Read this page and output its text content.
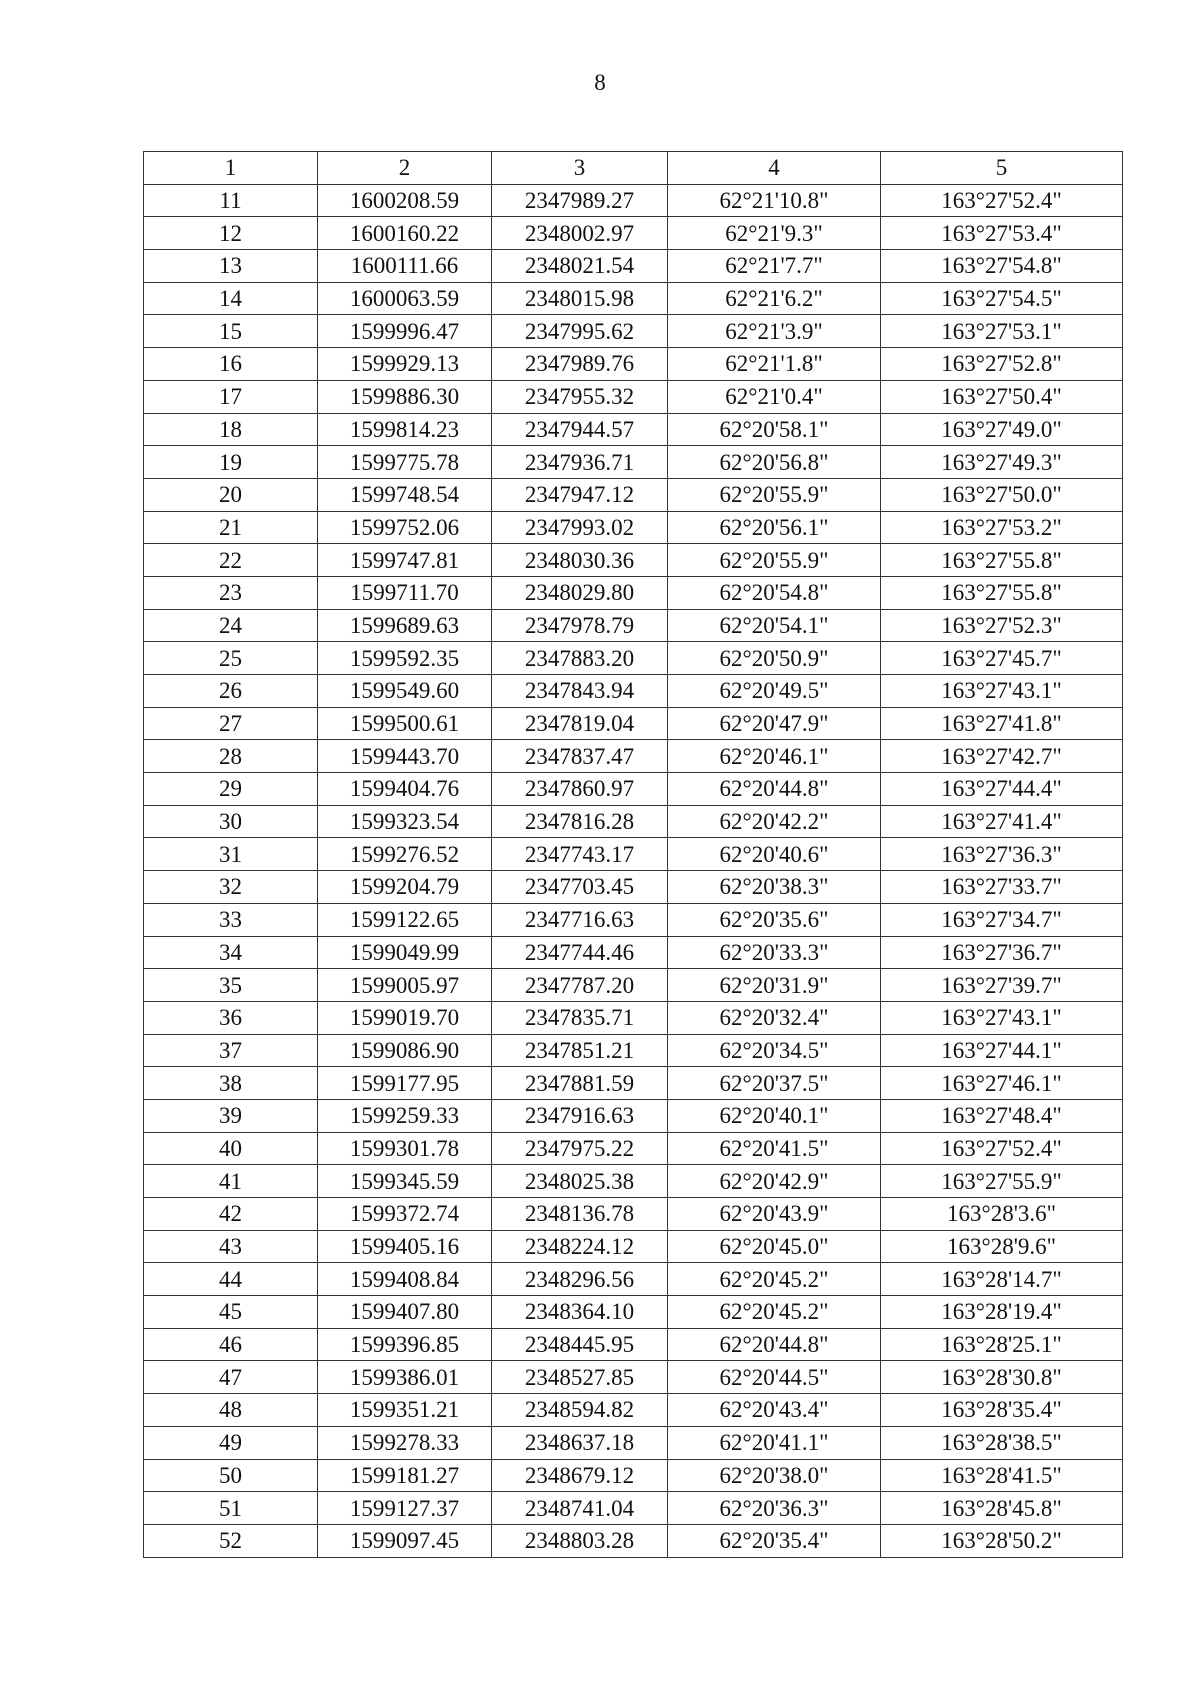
8
1	2	3	4	5
11	1600208.59	2347989.27	62°21'10.8"	163°27'52.4"
12	1600160.22	2348002.97	62°21'9.3"	163°27'53.4"
13	1600111.66	2348021.54	62°21'7.7"	163°27'54.8"
14	1600063.59	2348015.98	62°21'6.2"	163°27'54.5"
15	1599996.47	2347995.62	62°21'3.9"	163°27'53.1"
16	1599929.13	2347989.76	62°21'1.8"	163°27'52.8"
17	1599886.30	2347955.32	62°21'0.4"	163°27'50.4"
18	1599814.23	2347944.57	62°20'58.1"	163°27'49.0"
19	1599775.78	2347936.71	62°20'56.8"	163°27'49.3"
20	1599748.54	2347947.12	62°20'55.9"	163°27'50.0"
21	1599752.06	2347993.02	62°20'56.1"	163°27'53.2"
22	1599747.81	2348030.36	62°20'55.9"	163°27'55.8"
23	1599711.70	2348029.80	62°20'54.8"	163°27'55.8"
24	1599689.63	2347978.79	62°20'54.1"	163°27'52.3"
25	1599592.35	2347883.20	62°20'50.9"	163°27'45.7"
26	1599549.60	2347843.94	62°20'49.5"	163°27'43.1"
27	1599500.61	2347819.04	62°20'47.9"	163°27'41.8"
28	1599443.70	2347837.47	62°20'46.1"	163°27'42.7"
29	1599404.76	2347860.97	62°20'44.8"	163°27'44.4"
30	1599323.54	2347816.28	62°20'42.2"	163°27'41.4"
31	1599276.52	2347743.17	62°20'40.6"	163°27'36.3"
32	1599204.79	2347703.45	62°20'38.3"	163°27'33.7"
33	1599122.65	2347716.63	62°20'35.6"	163°27'34.7"
34	1599049.99	2347744.46	62°20'33.3"	163°27'36.7"
35	1599005.97	2347787.20	62°20'31.9"	163°27'39.7"
36	1599019.70	2347835.71	62°20'32.4"	163°27'43.1"
37	1599086.90	2347851.21	62°20'34.5"	163°27'44.1"
38	1599177.95	2347881.59	62°20'37.5"	163°27'46.1"
39	1599259.33	2347916.63	62°20'40.1"	163°27'48.4"
40	1599301.78	2347975.22	62°20'41.5"	163°27'52.4"
41	1599345.59	2348025.38	62°20'42.9"	163°27'55.9"
42	1599372.74	2348136.78	62°20'43.9"	163°28'3.6"
43	1599405.16	2348224.12	62°20'45.0"	163°28'9.6"
44	1599408.84	2348296.56	62°20'45.2"	163°28'14.7"
45	1599407.80	2348364.10	62°20'45.2"	163°28'19.4"
46	1599396.85	2348445.95	62°20'44.8"	163°28'25.1"
47	1599386.01	2348527.85	62°20'44.5"	163°28'30.8"
48	1599351.21	2348594.82	62°20'43.4"	163°28'35.4"
49	1599278.33	2348637.18	62°20'41.1"	163°28'38.5"
50	1599181.27	2348679.12	62°20'38.0"	163°28'41.5"
51	1599127.37	2348741.04	62°20'36.3"	163°28'45.8"
52	1599097.45	2348803.28	62°20'35.4"	163°28'50.2"
